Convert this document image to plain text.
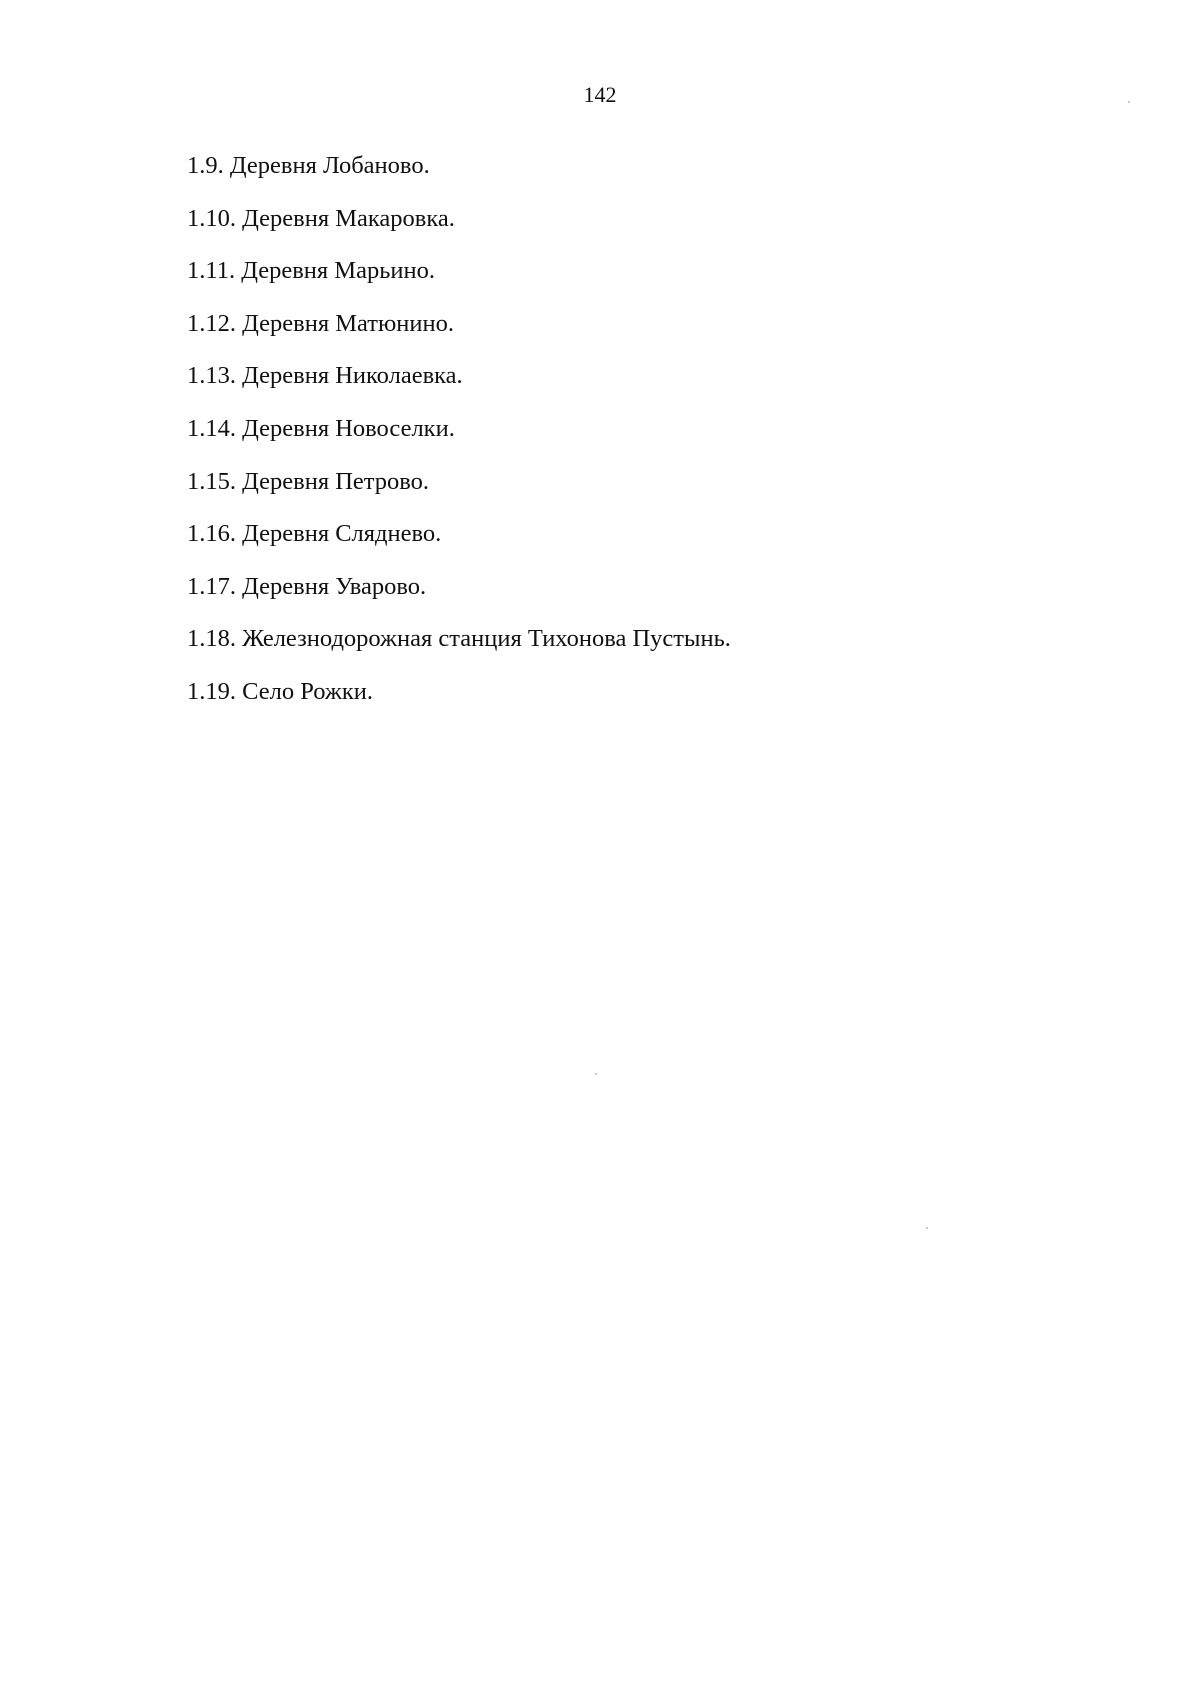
142
1.9. Деревня Лобаново.
1.10. Деревня Макаровка.
1.11. Деревня Марьино.
1.12. Деревня Матюнино.
1.13. Деревня Николаевка.
1.14. Деревня Новоселки.
1.15. Деревня Петрово.
1.16. Деревня Сляднево.
1.17. Деревня Уварово.
1.18. Железнодорожная станция Тихонова Пустынь.
1.19. Село Рожки.
